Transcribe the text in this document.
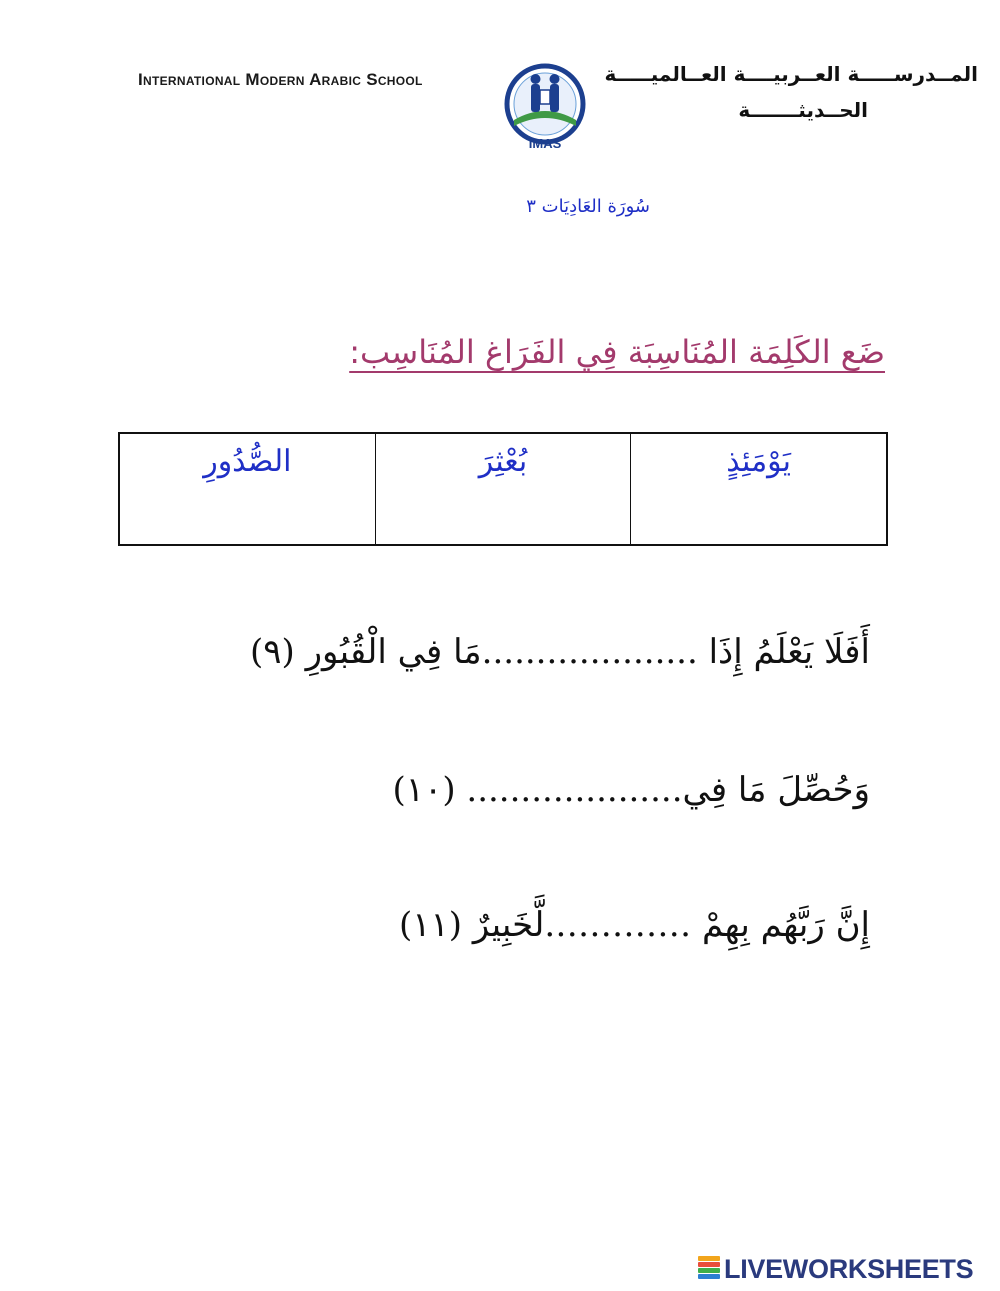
International Modern Arabic School
IMAS
المــدرســـــة العــربيــــة العــالميـــــة
الحــديثـــــــة
سُورَة العَادِيَات ٣
ضَع الكَلِمَة المُنَاسِبَة فِي الفَرَاغ المُنَاسِب:
يَوْمَئِذٍ
بُعْثِرَ
الصُّدُورِ
أَفَلَا يَعْلَمُ إِذَا ....................مَا فِي الْقُبُورِ (٩)
وَحُصِّلَ مَا فِي.................... (١٠)
إِنَّ رَبَّهُم بِهِمْ ………….لَّخَبِيرٌ (١١)
LIVEWORKSHEETS
